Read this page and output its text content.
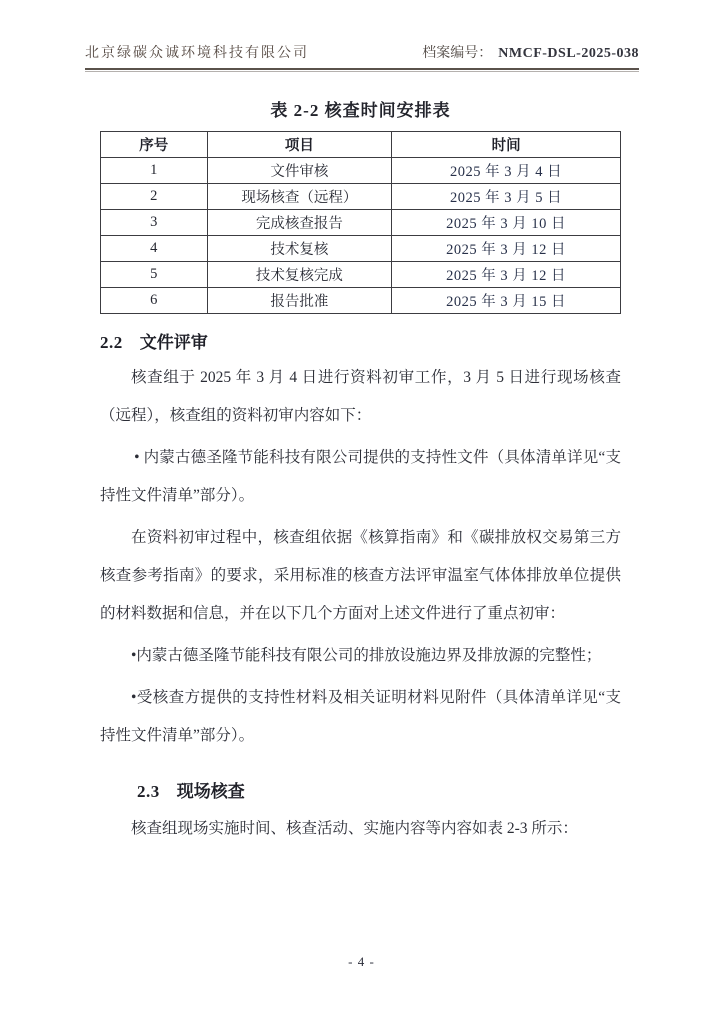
北京绿碳众诚环境科技有限公司	档案编号： NMCF-DSL-2025-038
表 2-2 核查时间安排表
序号	项目	时间
1	文件审核	2025 年 3 月 4 日
2	现场核查（远程）	2025 年 3 月 5 日
3	完成核查报告	2025 年 3 月 10 日
4	技术复核	2025 年 3 月 12 日
5	技术复核完成	2025 年 3 月 12 日
6	报告批准	2025 年 3 月 15 日
2.2 文件评审

核查组于 2025 年 3 月 4 日进行资料初审工作，3 月 5 日进行现场核查（远程），核查组的资料初审内容如下：

• 内蒙古德圣隆节能科技有限公司提供的支持性文件（具体清单详见“支持性文件清单”部分）。

在资料初审过程中，核查组依据《核算指南》和《碳排放权交易第三方核查参考指南》的要求，采用标准的核查方法评审温室气体体排放单位提供的材料数据和信息，并在以下几个方面对上述文件进行了重点初审：

•内蒙古德圣隆节能科技有限公司的排放设施边界及排放源的完整性；

•受核查方提供的支持性材料及相关证明材料见附件（具体清单详见“支持性文件清单”部分）。

2.3 现场核查

核查组现场实施时间、核查活动、实施内容等内容如表 2-3 所示：

- 4 -
